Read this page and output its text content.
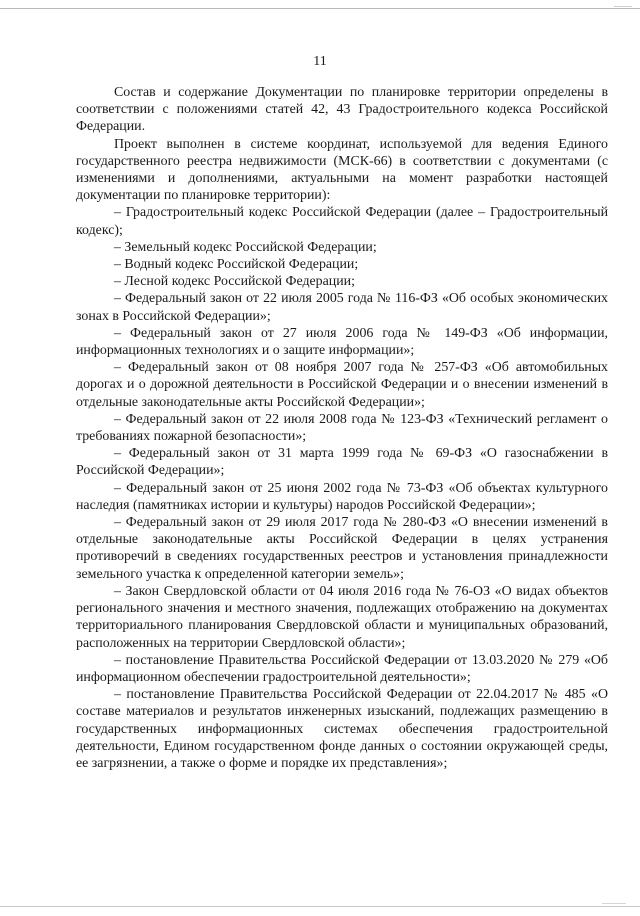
11

Состав и содержание Документации по планировке территории определены в соответствии с положениями статей 42, 43 Градостроительного кодекса Российской Федерации.

Проект выполнен в системе координат, используемой для ведения Единого государственного реестра недвижимости (МСК-66) в соответствии с документами (с изменениями и дополнениями, актуальными на момент разработки настоящей документации по планировке территории):

– Градостроительный кодекс Российской Федерации (далее – Градостроительный кодекс);

– Земельный кодекс Российской Федерации;

– Водный кодекс Российской Федерации;

– Лесной кодекс Российской Федерации;

– Федеральный закон от 22 июля 2005 года № 116-ФЗ «Об особых экономических зонах в Российской Федерации»;

– Федеральный закон от 27 июля 2006 года № 149-ФЗ «Об информации, информационных технологиях и о защите информации»;

– Федеральный закон от 08 ноября 2007 года № 257-ФЗ «Об автомобильных дорогах и о дорожной деятельности в Российской Федерации и о внесении изменений в отдельные законодательные акты Российской Федерации»;

– Федеральный закон от 22 июля 2008 года № 123-ФЗ «Технический регламент о требованиях пожарной безопасности»;

– Федеральный закон от 31 марта 1999 года № 69-ФЗ «О газоснабжении в Российской Федерации»;

– Федеральный закон от 25 июня 2002 года № 73-ФЗ «Об объектах культурного наследия (памятниках истории и культуры) народов Российской Федерации»;

– Федеральный закон от 29 июля 2017 года № 280-ФЗ «О внесении изменений в отдельные законодательные акты Российской Федерации в целях устранения противоречий в сведениях государственных реестров и установления принадлежности земельного участка к определенной категории земель»;

– Закон Свердловской области от 04 июля 2016 года № 76-ОЗ «О видах объектов регионального значения и местного значения, подлежащих отображению на документах территориального планирования Свердловской области и муниципальных образований, расположенных на территории Свердловской области»;

– постановление Правительства Российской Федерации от 13.03.2020 № 279 «Об информационном обеспечении градостроительной деятельности»;

– постановление Правительства Российской Федерации от 22.04.2017 № 485 «О составе материалов и результатов инженерных изысканий, подлежащих размещению в государственных информационных системах обеспечения градостроительной деятельности, Едином государственном фонде данных о состоянии окружающей среды, ее загрязнении, а также о форме и порядке их представления»;
